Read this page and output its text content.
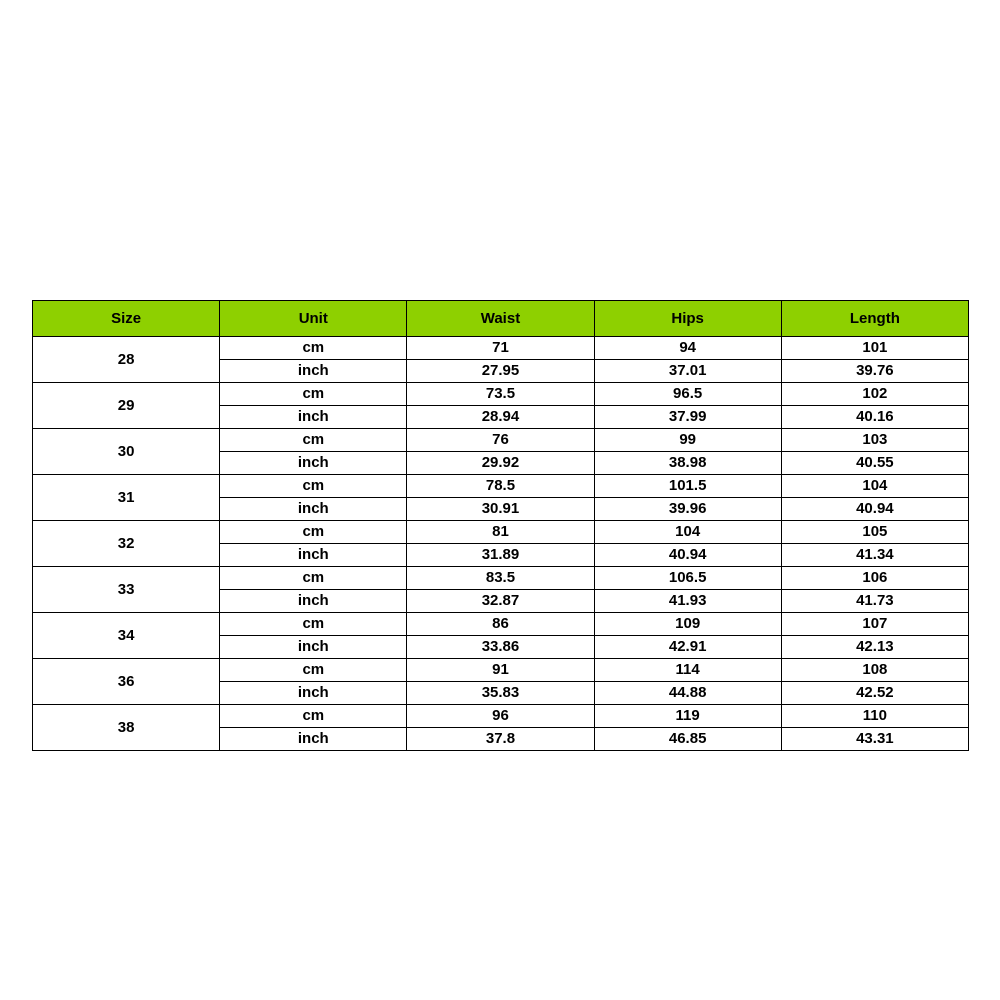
Size	Unit	Waist	Hips	Length
28	cm	71	94	101
	inch	27.95	37.01	39.76
29	cm	73.5	96.5	102
	inch	28.94	37.99	40.16
30	cm	76	99	103
	inch	29.92	38.98	40.55
31	cm	78.5	101.5	104
	inch	30.91	39.96	40.94
32	cm	81	104	105
	inch	31.89	40.94	41.34
33	cm	83.5	106.5	106
	inch	32.87	41.93	41.73
34	cm	86	109	107
	inch	33.86	42.91	42.13
36	cm	91	114	108
	inch	35.83	44.88	42.52
38	cm	96	119	110
	inch	37.8	46.85	43.31
